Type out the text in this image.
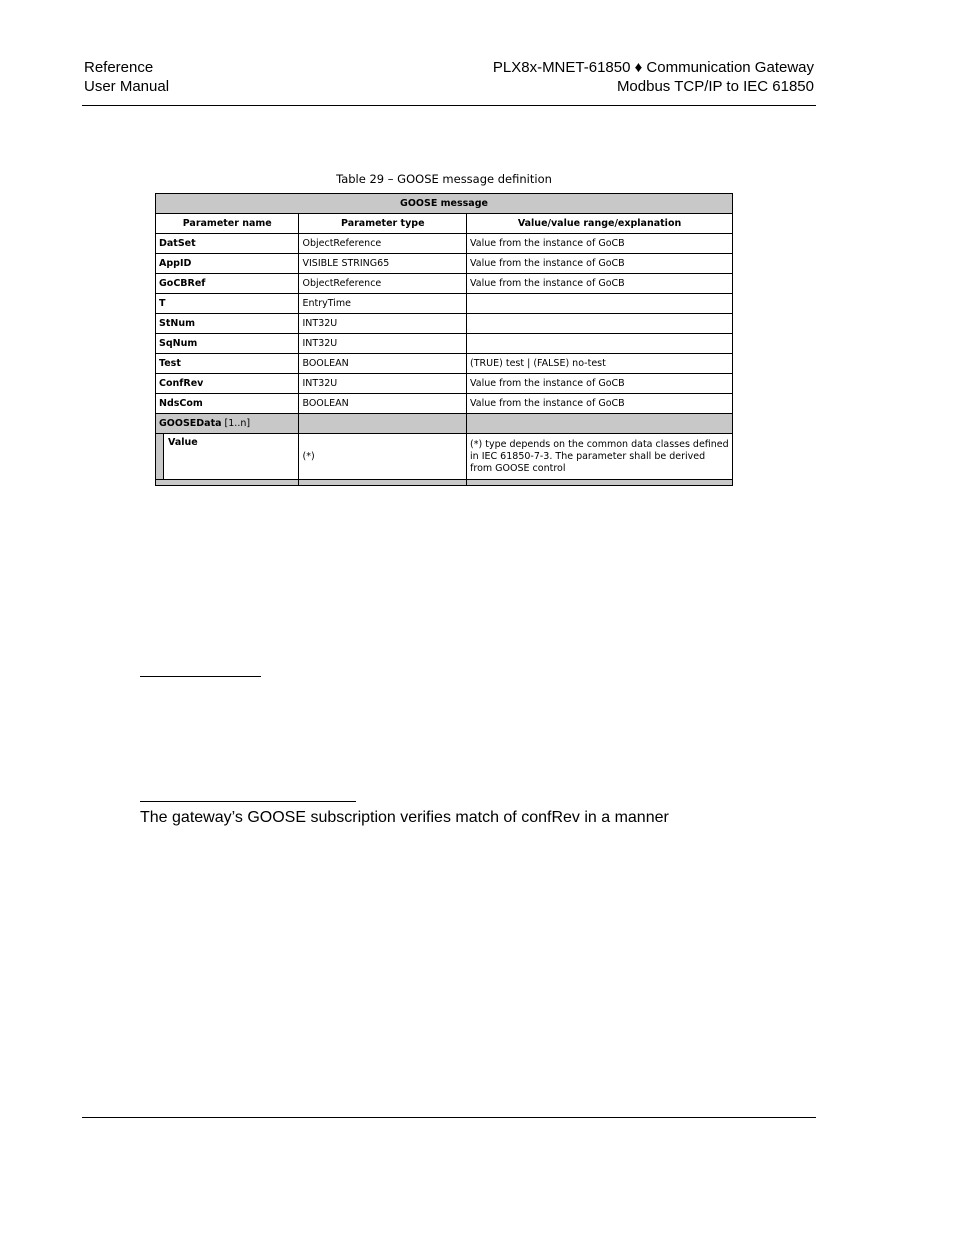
Reference
User Manual
PLX8x-MNET-61850 ♦ Communication Gateway
Modbus TCP/IP to IEC 61850
Table 29 – GOOSE message definition
GOOSE message		
Parameter name	Parameter type	Value/value range/explanation
DatSet	ObjectReference	Value from the instance of GoCB
AppID	VISIBLE STRING65	Value from the instance of GoCB
GoCBRef	ObjectReference	Value from the instance of GoCB
T	EntryTime	
StNum	INT32U	
SqNum	INT32U	
Test	BOOLEAN	(TRUE) test | (FALSE) no-test
ConfRev	INT32U	Value from the instance of GoCB
NdsCom	BOOLEAN	Value from the instance of GoCB
GOOSEData [1..n]		

Value	(*)	(*) type depends on the common data classes defined in IEC 61850-7-3. The parameter shall be derived from GOOSE control

The gateway’s GOOSE subscription verifies match of confRev in a manner
